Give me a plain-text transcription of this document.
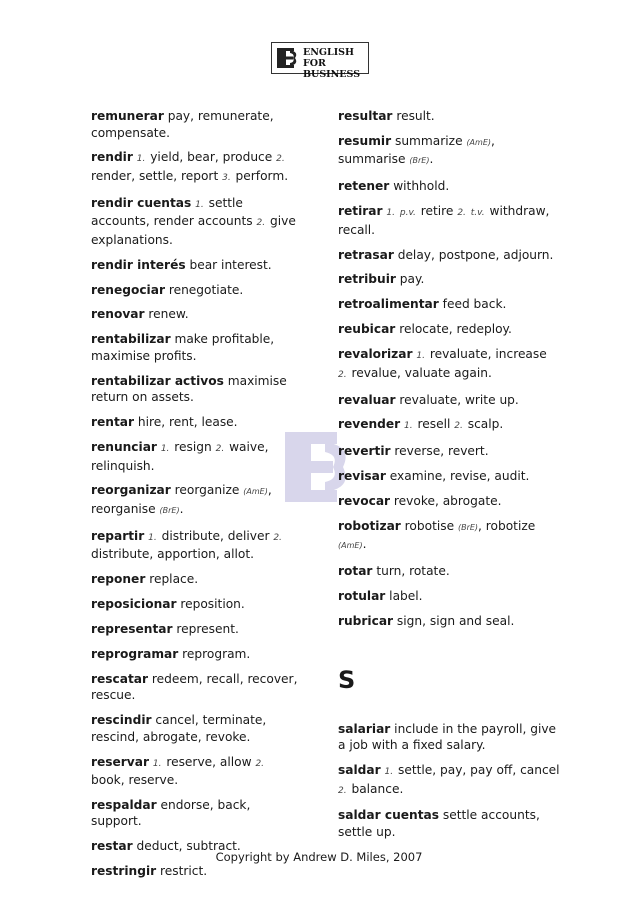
ENGLISH
FOR BUSINESS
remunerar pay, remunerate, compensate.
rendir 1. yield, bear, produce 2. render, settle, report 3. perform.
rendir cuentas 1. settle accounts, render accounts 2. give explanations.
rendir interés bear interest.
renegociar renegotiate.
renovar renew.
rentabilizar make profitable, maximise profits.
rentabilizar activos maximise return on assets.
rentar hire, rent, lease.
renunciar 1. resign 2. waive, relinquish.
reorganizar reorganize (AmE), reorganise (BrE).
repartir 1. distribute, deliver 2. distribute, apportion, allot.
reponer replace.
reposicionar reposition.
representar represent.
reprogramar reprogram.
rescatar redeem, recall, recover, rescue.
rescindir cancel, terminate, rescind, abrogate, revoke.
reservar 1. reserve, allow 2. book, reserve.
respaldar endorse, back, support.
restar deduct, subtract.
restringir restrict.
resultar result.
resumir summarize (AmE), summarise (BrE).
retener withhold.
retirar 1. p.v. retire 2. t.v. withdraw, recall.
retrasar delay, postpone, adjourn.
retribuir pay.
retroalimentar feed back.
reubicar relocate, redeploy.
revalorizar 1. revaluate, increase 2. revalue, valuate again.
revaluar revaluate, write up.
revender 1. resell 2. scalp.
revertir reverse, revert.
revisar examine, revise, audit.
revocar revoke, abrogate.
robotizar robotise (BrE), robotize (AmE).
rotar turn, rotate.
rotular label.
rubricar sign, sign and seal.
S
salariar include in the payroll, give a job with a fixed salary.
saldar 1. settle, pay, pay off, cancel 2. balance.
saldar cuentas settle accounts, settle up.
Copyright by Andrew D. Miles, 2007
